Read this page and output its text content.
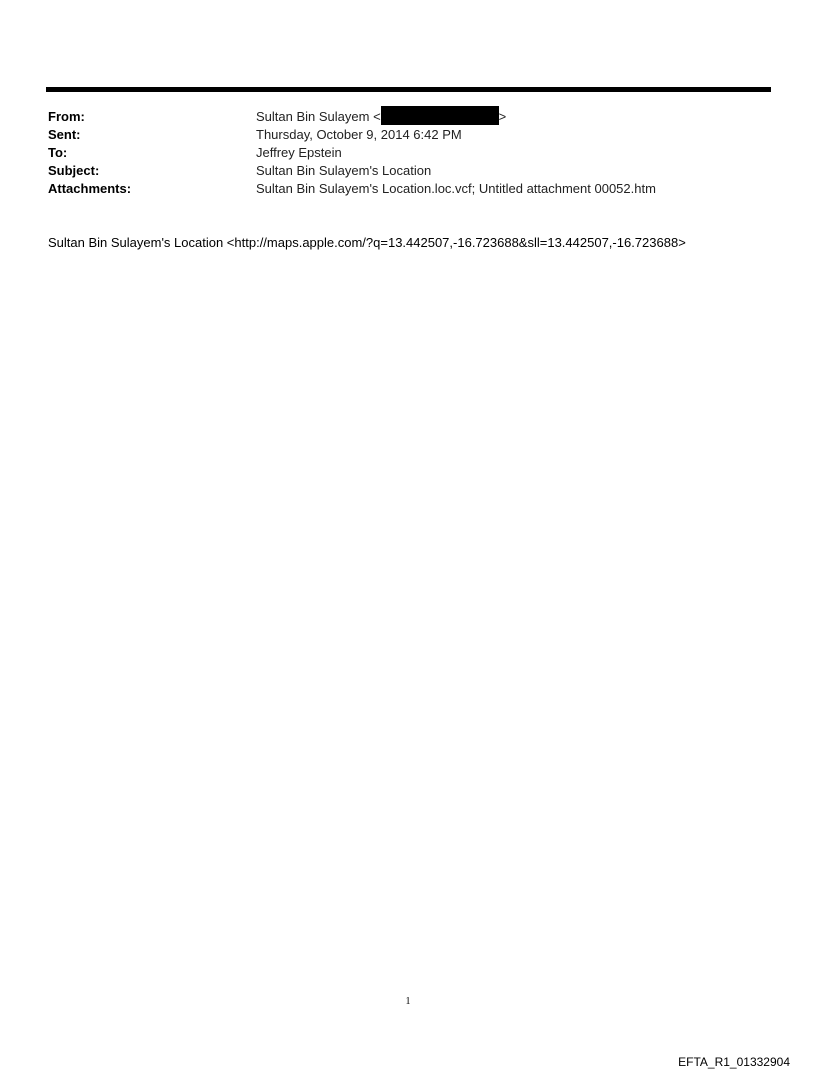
From:	Sultan Bin Sulayem <	>
Sent:	Thursday, October 9, 2014 6:42 PM
To:	Jeffrey Epstein
Subject:	Sultan Bin Sulayem's Location
Attachments:	Sultan Bin Sulayem's Location.loc.vcf; Untitled attachment 00052.htm
Sultan Bin Sulayem's Location <http://maps.apple.com/?q=13.442507,-16.723688&sll=13.442507,-16.723688>
1
EFTA_R1_01332904
